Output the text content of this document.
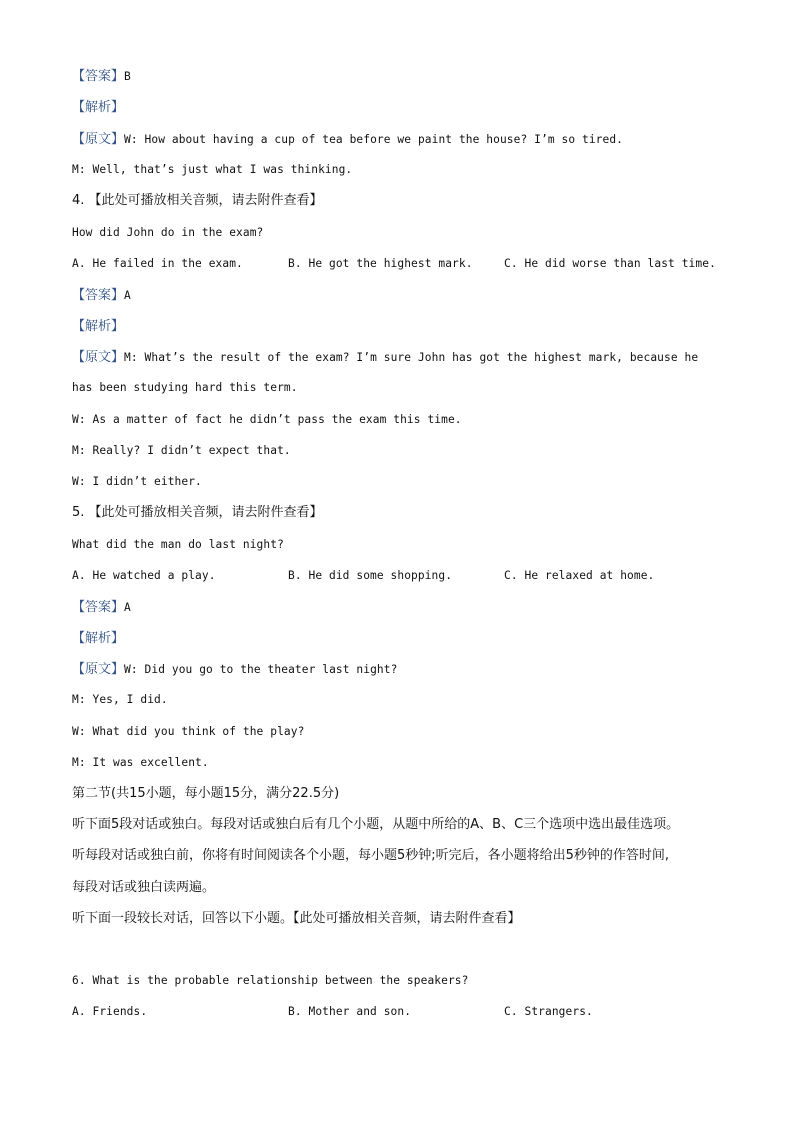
【答案】B
【解析】
【原文】W: How about having a cup of tea before we paint the house? I’m so tired.
M: Well, that’s just what I was thinking.
4. 【此处可播放相关音频，请去附件查看】
How did John do in the exam?
A. He failed in the exam.	B. He got the highest mark.	C. He did worse than last time.
【答案】A
【解析】
【原文】M: What’s the result of the exam? I’m sure John has got the highest mark, because he
has been studying hard this term.
W: As a matter of fact he didn’t pass the exam this time.
M: Really? I didn’t expect that.
W: I didn’t either.
5. 【此处可播放相关音频，请去附件查看】
What did the man do last night?
A. He watched a play.	B. He did some shopping.	C. He relaxed at home.
【答案】A
【解析】
【原文】W: Did you go to the theater last night?
M: Yes, I did.
W: What did you think of the play?
M: It was excellent.
第二节(共15小题，每小题15分，满分22.5分)
听下面5段对话或独白。每段对话或独白后有几个小题，从题中所给的A、B、C三个选项中选出最佳选项。
听每段对话或独白前，你将有时间阅读各个小题，每小题5秒钟;听完后，各小题将给出5秒钟的作答时间,
每段对话或独白读两遍。
听下面一段较长对话，回答以下小题。【此处可播放相关音频，请去附件查看】
6. What is the probable relationship between the speakers?
A. Friends.	B. Mother and son.	C. Strangers.
